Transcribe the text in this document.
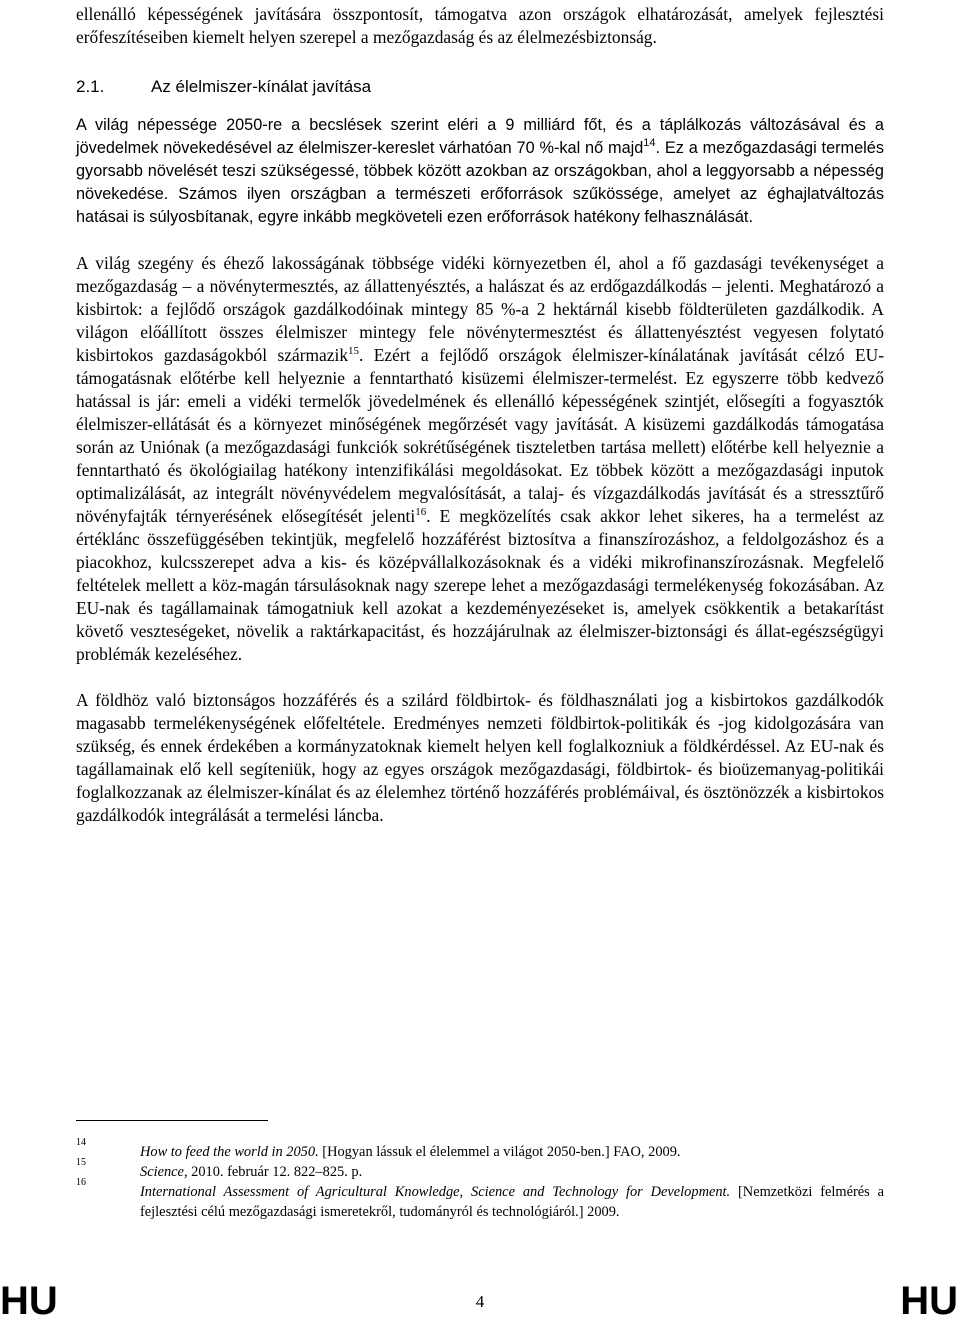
ellenálló képességének javítására összpontosít, támogatva azon országok elhatározását, amelyek fejlesztési erőfeszítéseiben kiemelt helyen szerepel a mezőgazdaság és az élelmezésbiztonság.

2.1.	Az élelmiszer-kínálat javítása

A világ népessége 2050-re a becslések szerint eléri a 9 milliárd főt, és a táplálkozás változásával és a jövedelmek növekedésével az élelmiszer-kereslet várhatóan 70 %-kal nő majd$^{14}$. Ez a mezőgazdasági termelés gyorsabb növelését teszi szükségessé, többek között azokban az országokban, ahol a leggyorsabb a népesség növekedése. Számos ilyen országban a természeti erőforrások szűkössége, amelyet az éghajlatváltozás hatásai is súlyosbítanak, egyre inkább megköveteli ezen erőforrások hatékony felhasználását.

A világ szegény és éhező lakosságának többsége vidéki környezetben él, ahol a fő gazdasági tevékenységet a mezőgazdaság – a növénytermesztés, az állattenyésztés, a halászat és az erdőgazdálkodás – jelenti. Meghatározó a kisbirtok: a fejlődő országok gazdálkodóinak mintegy 85 %-a 2 hektárnál kisebb földterületen gazdálkodik. A világon előállított összes élelmiszer mintegy fele növénytermesztést és állattenyésztést vegyesen folytató kisbirtokos gazdaságokból származik$^{15}$. Ezért a fejlődő országok élelmiszer-kínálatának javítását célzó EU-támogatásnak előtérbe kell helyeznie a fenntartható kisüzemi élelmiszer-termelést. Ez egyszerre több kedvező hatással is jár: emeli a vidéki termelők jövedelmének és ellenálló képességének szintjét, elősegíti a fogyasztók élelmiszer-ellátását és a környezet minőségének megőrzését vagy javítását. A kisüzemi gazdálkodás támogatása során az Uniónak (a mezőgazdasági funkciók sokrétűségének tiszteletben tartása mellett) előtérbe kell helyeznie a fenntartható és ökológiailag hatékony intenzifikálási megoldásokat. Ez többek között a mezőgazdasági inputok optimalizálását, az integrált növényvédelem megvalósítását, a talaj- és vízgazdálkodás javítását és a stressztűrő növényfajták térnyerésének elősegítését jelenti$^{16}$. E megközelítés csak akkor lehet sikeres, ha a termelést az értéklánc összefüggésében tekintjük, megfelelő hozzáférést biztosítva a finanszírozáshoz, a feldolgozáshoz és a piacokhoz, kulcsszerepet adva a kis- és középvállalkozásoknak és a vidéki mikrofinanszírozásnak. Megfelelő feltételek mellett a köz-magán társulásoknak nagy szerepe lehet a mezőgazdasági termelékenység fokozásában. Az EU-nak és tagállamainak támogatniuk kell azokat a kezdeményezéseket is, amelyek csökkentik a betakarítást követő veszteségeket, növelik a raktárkapacitást, és hozzájárulnak az élelmiszer-biztonsági és állat-egészségügyi problémák kezeléséhez.

A földhöz való biztonságos hozzáférés és a szilárd földbirtok- és földhasználati jog a kisbirtokos gazdálkodók magasabb termelékenységének előfeltétele. Eredményes nemzeti földbirtok-politikák és -jog kidolgozására van szükség, és ennek érdekében a kormányzatoknak kiemelt helyen kell foglalkozniuk a földkérdéssel. Az EU-nak és tagállamainak elő kell segíteniük, hogy az egyes országok mezőgazdasági, földbirtok- és bioüzemanyag-politikái foglalkozzanak az élelmiszer-kínálat és az élelemhez történő hozzáférés problémáival, és ösztönözzék a kisbirtokos gazdálkodók integrálását a termelési láncba.

14
How to feed the world in 2050. [Hogyan lássuk el élelemmel a világot 2050-ben.] FAO, 2009.
15
Science, 2010. február 12. 822–825. p.
16
International Assessment of Agricultural Knowledge, Science and Technology for Development. [Nemzetközi felmérés a fejlesztési célú mezőgazdasági ismeretekről, tudományról és technológiáról.] 2009.
HU	4	HU
